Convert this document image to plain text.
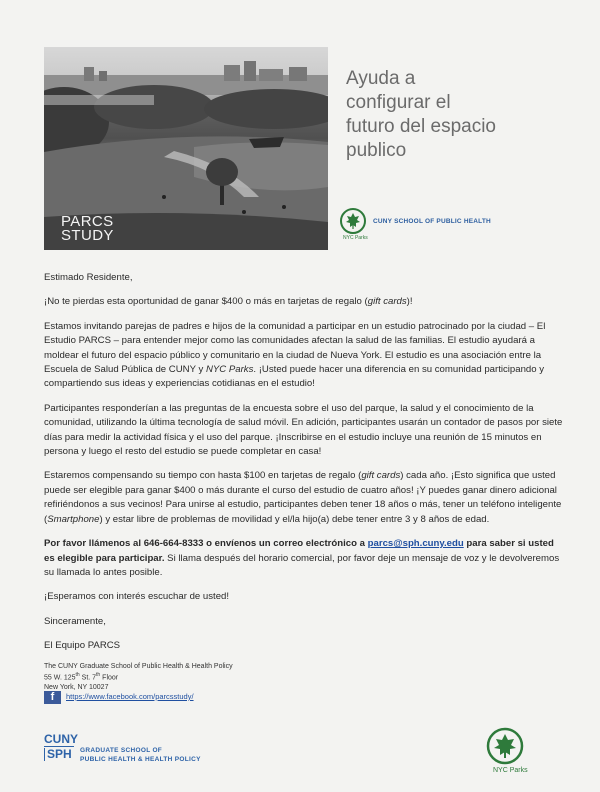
PARCS
STUDY
Ayuda a
configurar el
futuro del espacio
publico
NYC Parks
CUNY SCHOOL OF PUBLIC HEALTH

Estimado Residente,

¡No te pierdas esta oportunidad de ganar $400 o más en tarjetas de regalo (gift cards)!

Estamos invitando parejas de padres e hijos de la comunidad a participar en un estudio patrocinado por la ciudad – El Estudio PARCS – para entender mejor como las comunidades afectan la salud de las familias. El estudio ayudará a moldear el futuro del espacio público y comunitario en la ciudad de Nueva York. El estudio es una asociación entre la Escuela de Salud Pública de CUNY y NYC Parks. ¡Usted puede hacer una diferencia en su comunidad participando y compartiendo sus ideas y experiencias cotidianas en el estudio!

Participantes responderían a las preguntas de la encuesta sobre el uso del parque, la salud y el conocimiento de la comunidad, utilizando la última tecnología de salud móvil. En adición, participantes usarán un contador de pasos por siete días para medir la actividad física y el uso del parque. ¡Inscribirse en el estudio incluye una reunión de 15 minutos en persona y luego el resto del estudio se puede completar en casa!

Estaremos compensando su tiempo con hasta $100 en tarjetas de regalo (gift cards) cada año. ¡Esto significa que usted puede ser elegible para ganar $400 o más durante el curso del estudio de cuatro años! ¡Y puedes ganar dinero adicional refiriéndonos a sus vecinos! Para unirse al estudio, participantes deben tener 18 años o más, tener un teléfono inteligente (Smartphone) y estar libre de problemas de movilidad y el/la hijo(a) debe tener entre 3 y 8 años de edad.

Por favor llámenos al 646-664-8333 o envíenos un correo electrónico a parcs@sph.cuny.edu para saber si usted es elegible para participar. Si llama después del horario comercial, por favor deje un mensaje de voz y le devolveremos su llamada lo antes posible.

¡Esperamos con interés escuchar de usted!

Sinceramente,

El Equipo PARCS

The CUNY Graduate School of Public Health & Health Policy
55 W. 125th St. 7th Floor
New York, NY 10027
f	https://www.facebook.com/parcsstudy/
CUNY
SPH	GRADUATE SCHOOL OF
PUBLIC HEALTH & HEALTH POLICY
NYC Parks
